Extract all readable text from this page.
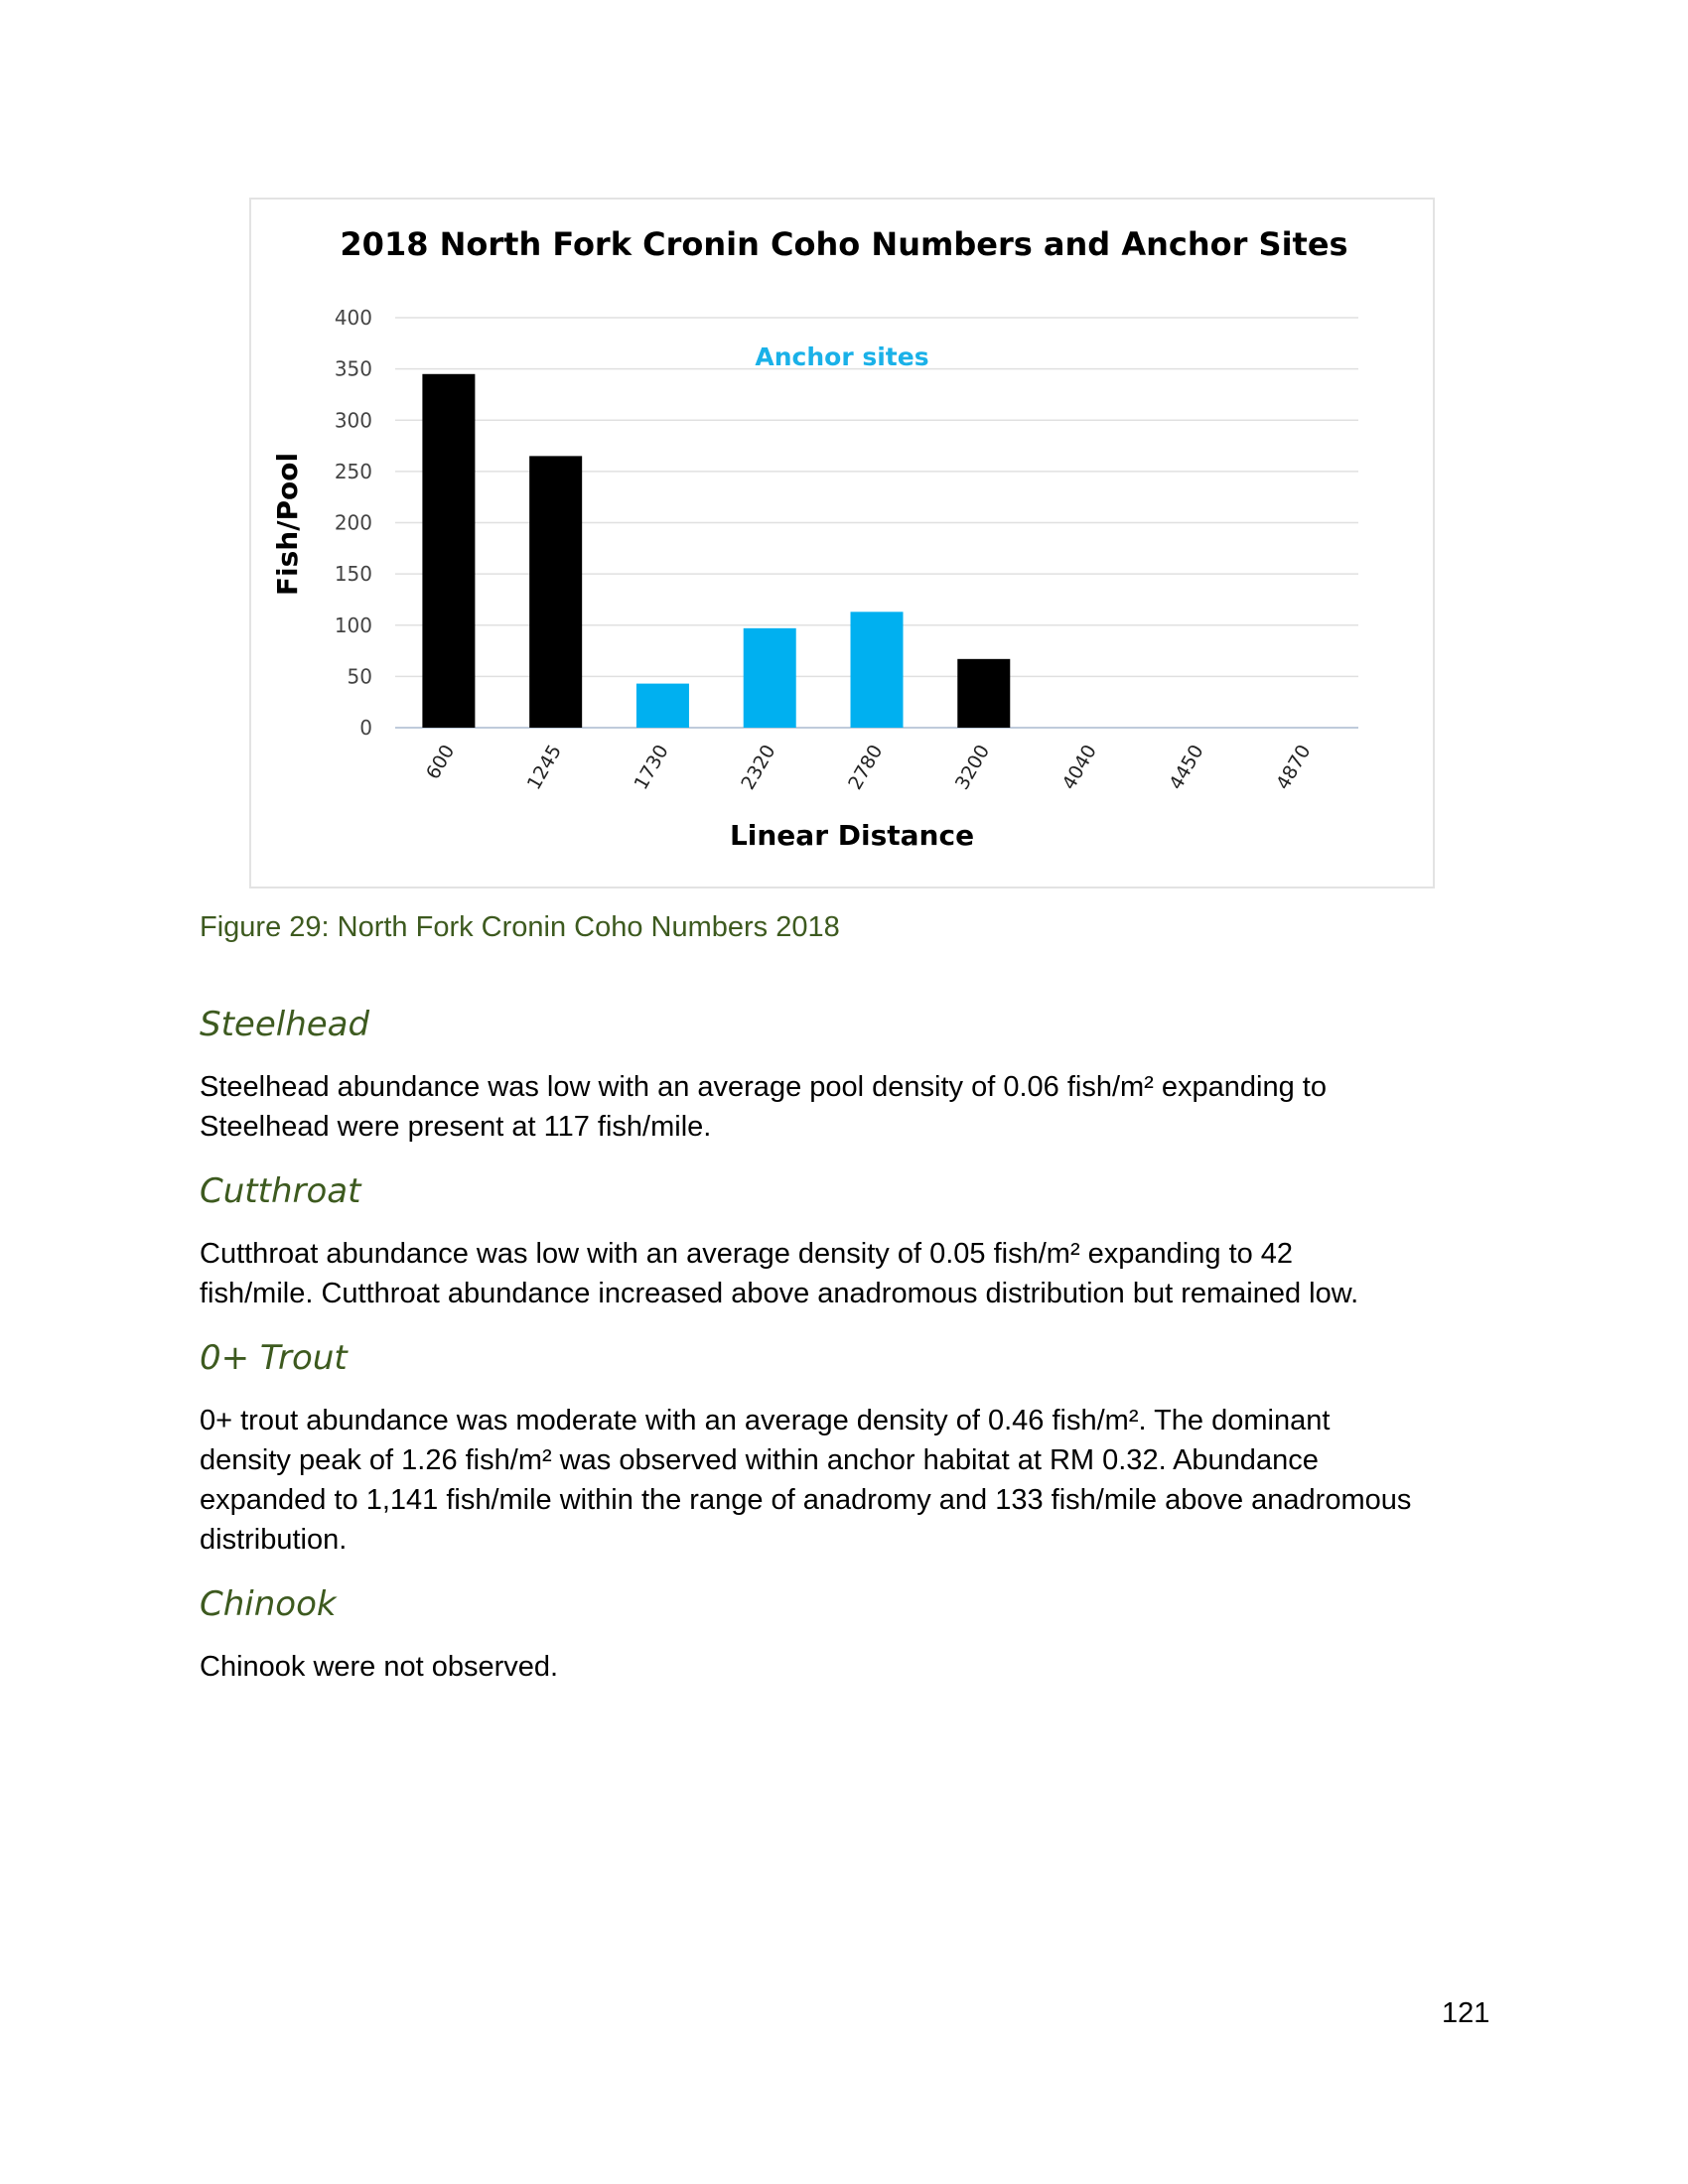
2018 North Fork Cronin Coho Numbers and Anchor Sites
0
50
100
150
200
250
300
350
400
600	1245	1730	2320	2780	3200	4040	4450	4870
Anchor sites
Linear Distance
Fish/Pool
Figure 29: North Fork Cronin Coho Numbers 2018
Steelhead
Steelhead abundance was low with an average pool density of 0.06 fish/m² expanding to
Steelhead were present at 117 fish/mile.
Cutthroat
Cutthroat abundance was low with an average density of 0.05 fish/m² expanding to 42
fish/mile. Cutthroat abundance increased above anadromous distribution but remained low.
0+ Trout
0+ trout abundance was moderate with an average density of 0.46 fish/m². The dominant
density peak of 1.26 fish/m² was observed within anchor habitat at RM 0.32. Abundance
expanded to 1,141 fish/mile within the range of anadromy and 133 fish/mile above anadromous
distribution.
Chinook
Chinook were not observed.
121
